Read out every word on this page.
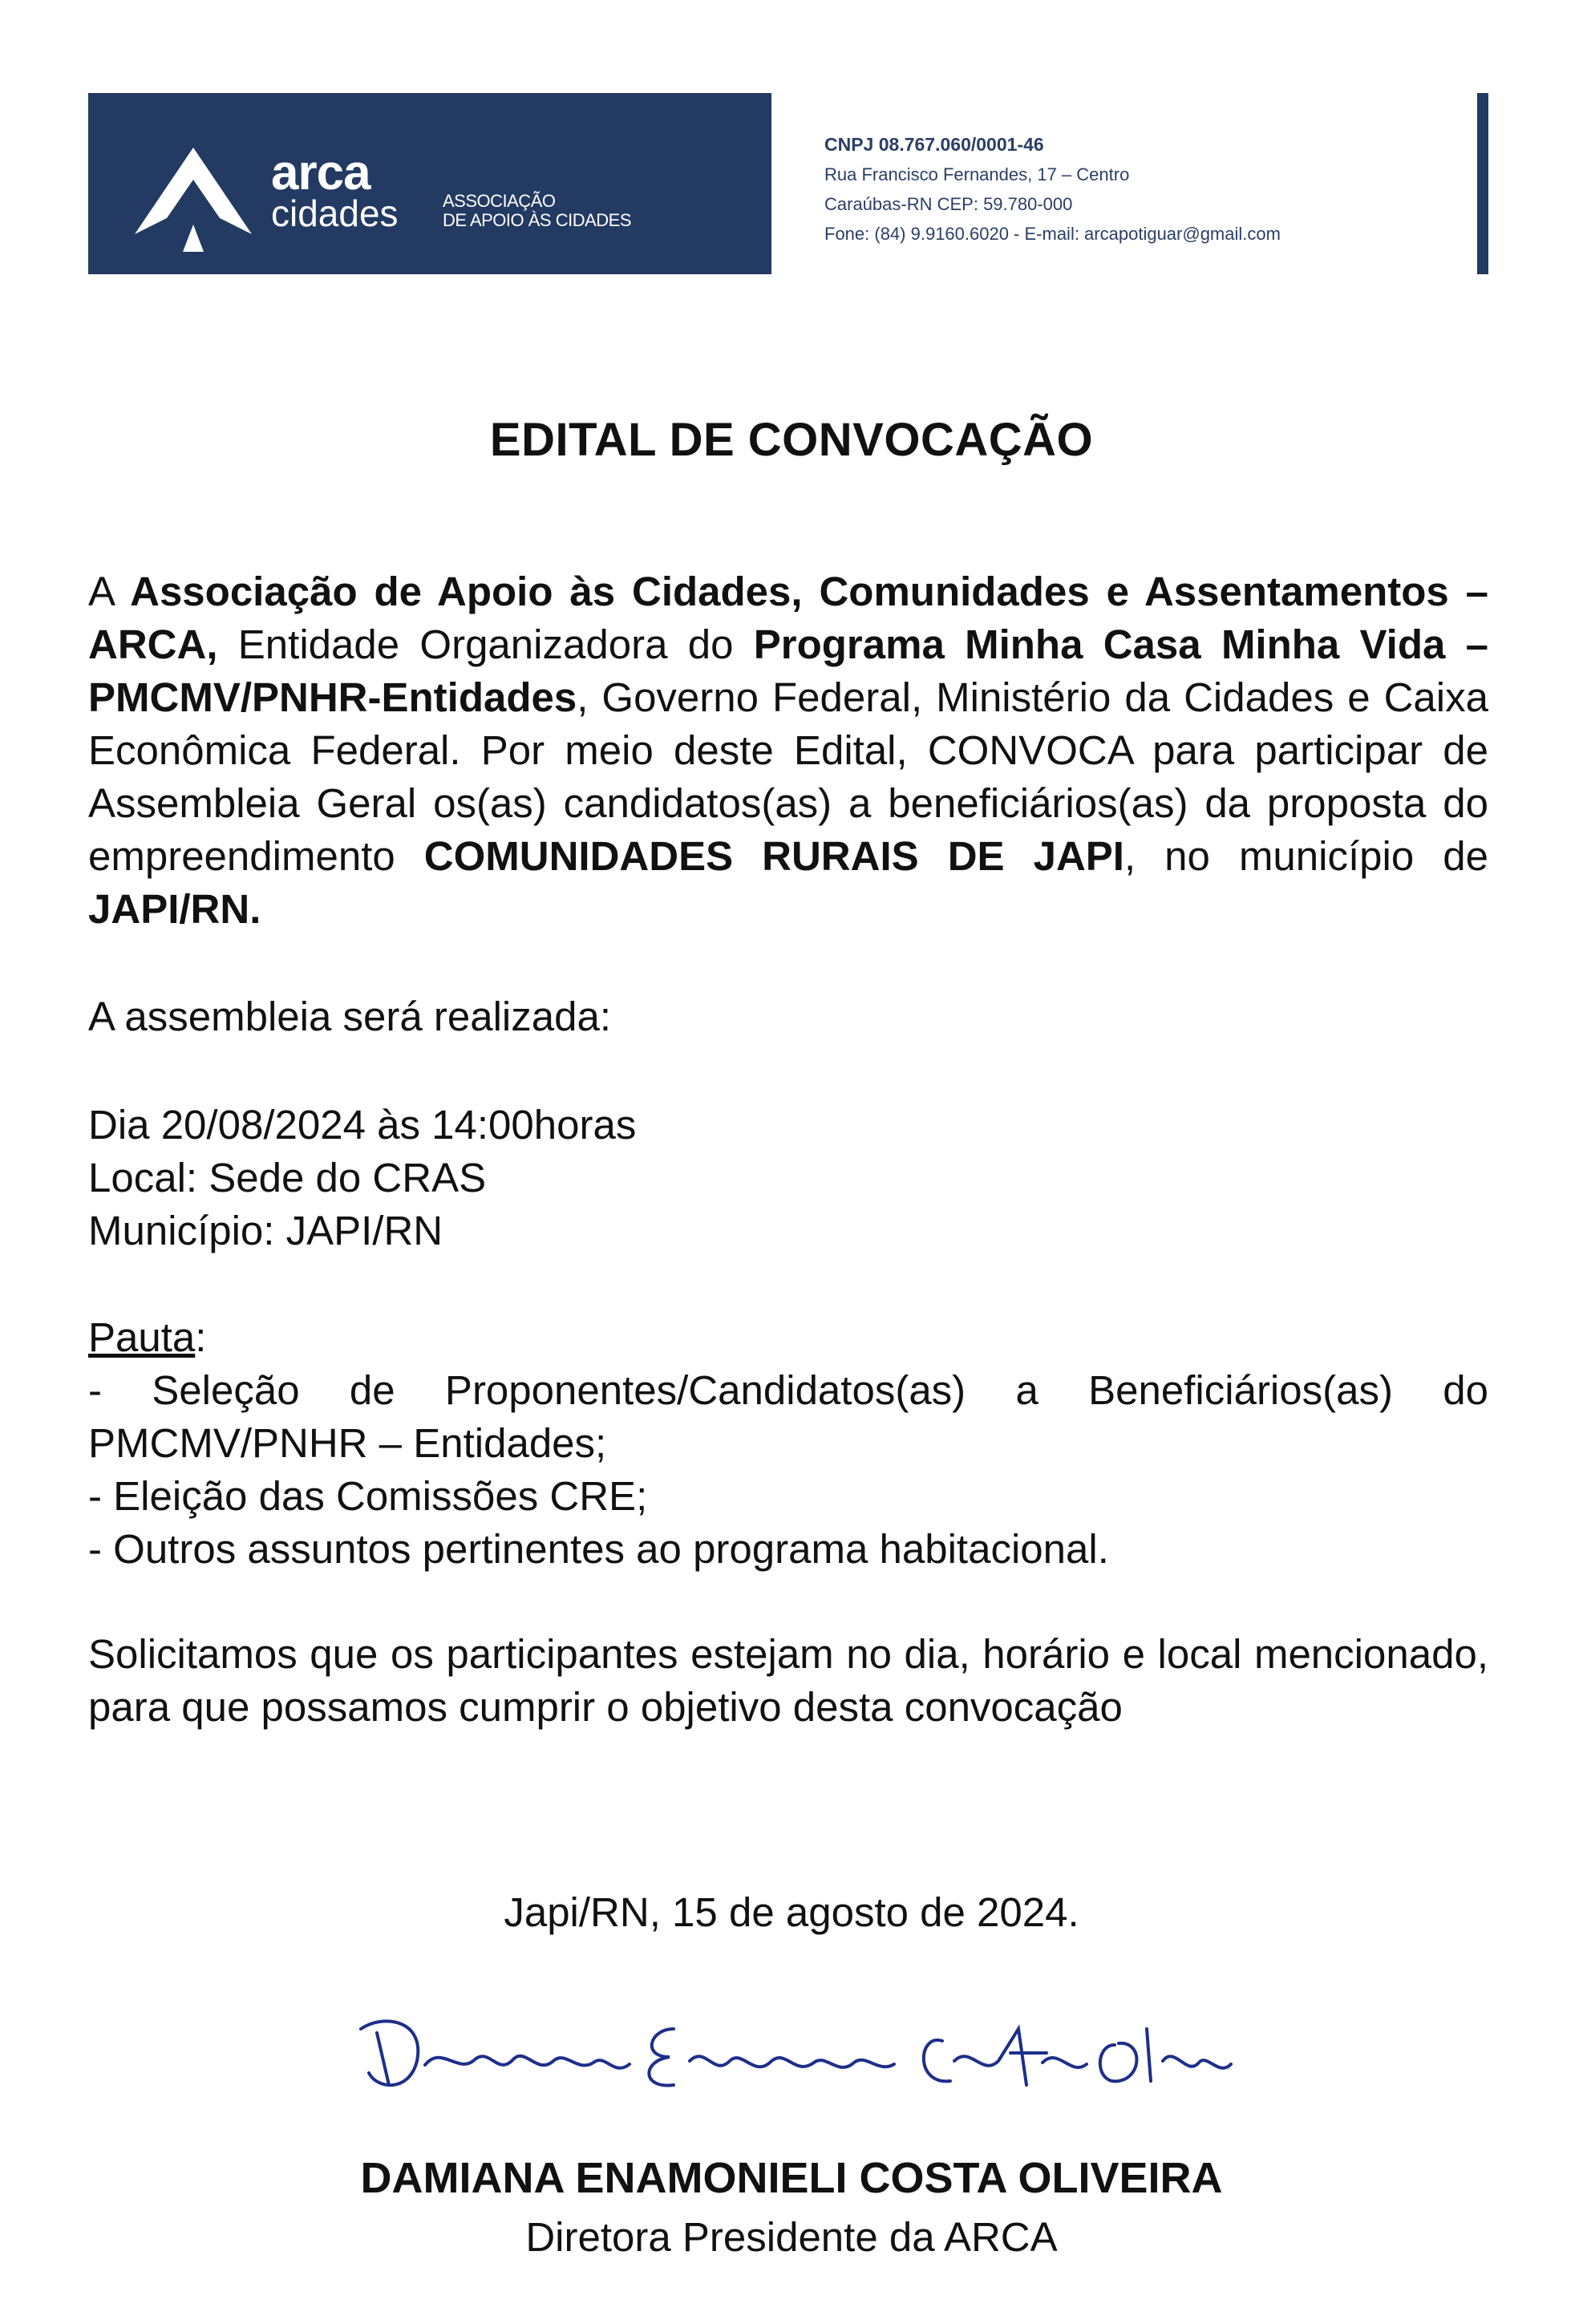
arca
cidades	ASSOCIAÇÃO
DE APOIO ÀS CIDADES
CNPJ 08.767.060/0001-46
Rua Francisco Fernandes, 17 – Centro
Caraúbas-RN CEP: 59.780-000
Fone: (84) 9.9160.6020 - E-mail: arcapotiguar@gmail.com
EDITAL DE CONVOCAÇÃO

A Associação de Apoio às Cidades, Comunidades e Assentamentos – ARCA, Entidade Organizadora do Programa Minha Casa Minha Vida – PMCMV/PNHR-Entidades, Governo Federal, Ministério da Cidades e Caixa Econômica Federal. Por meio deste Edital, CONVOCA para participar de Assembleia Geral os(as) candidatos(as) a beneficiários(as) da proposta do empreendimento COMUNIDADES RURAIS DE JAPI, no município de JAPI/RN.

A assembleia será realizada:

Dia 20/08/2024 às 14:00horas
Local: Sede do CRAS
Município: JAPI/RN
Pauta:
- Seleção de Proponentes/Candidatos(as) a Beneficiários(as) do PMCMV/PNHR – Entidades;
- Eleição das Comissões CRE;
- Outros assuntos pertinentes ao programa habitacional.

Solicitamos que os participantes estejam no dia, horário e local mencionado, para que possamos cumprir o objetivo desta convocação

Japi/RN, 15 de agosto de 2024.
DAMIANA ENAMONIELI COSTA OLIVEIRA
Diretora Presidente da ARCA
